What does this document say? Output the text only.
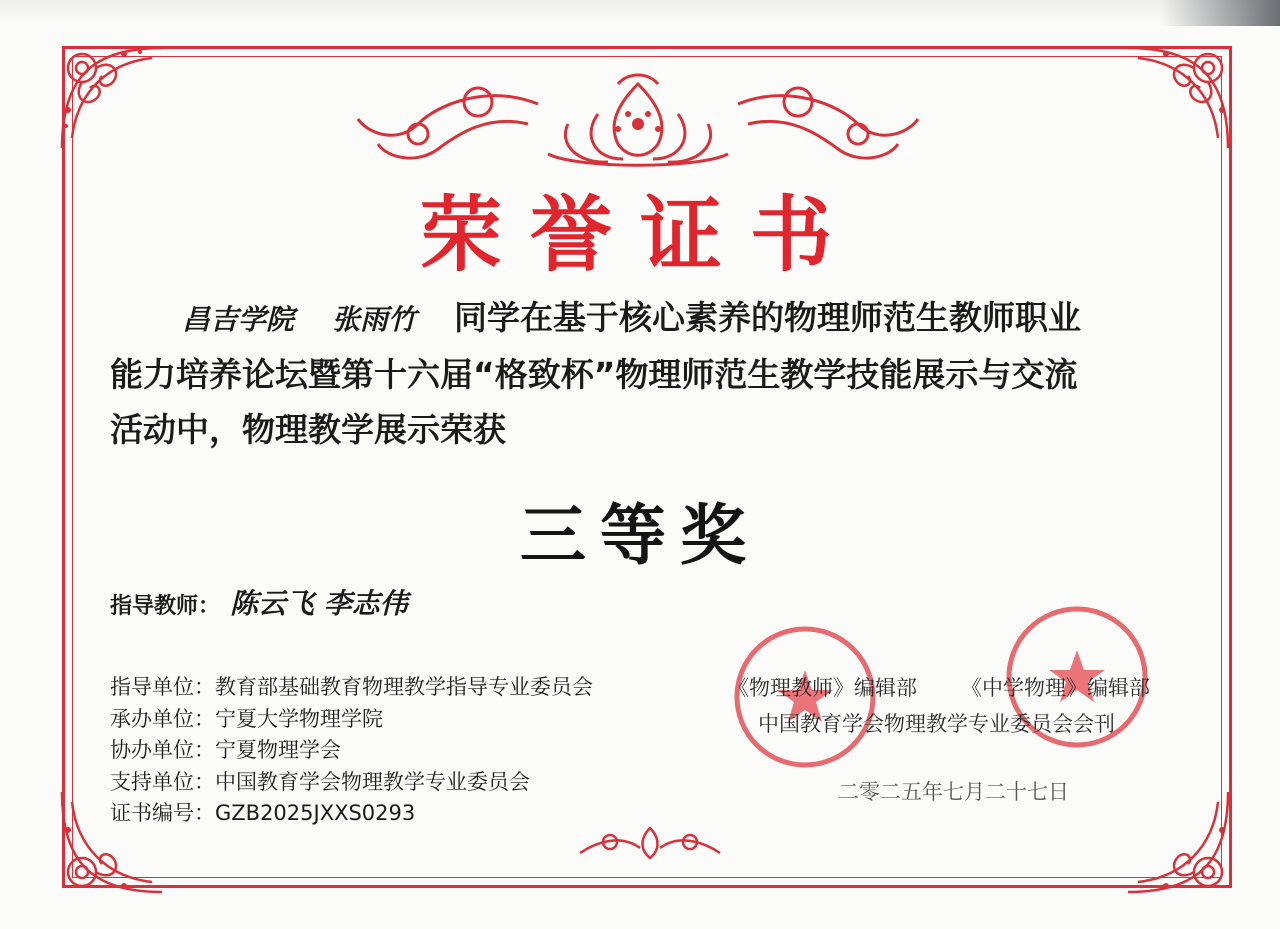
荣誉证书
昌吉学院 张雨竹 同学在基于核心素养的物理师范生教师职业
能力培养论坛暨第十六届“格致杯”物理师范生教学技能展示与交流
活动中，物理教学展示荣获
三等奖
指导教师： 陈云飞 李志伟
指导单位：教育部基础教育物理教学指导专业委员会
承办单位：宁夏大学物理学院
协办单位：宁夏物理学会
支持单位：中国教育学会物理教学专业委员会
证书编号：GZB2025JXXS0293
《物理教师》编辑部 《中学物理》编辑部
中国教育学会物理教学专业委员会会刊
二零二五年七月二十七日
